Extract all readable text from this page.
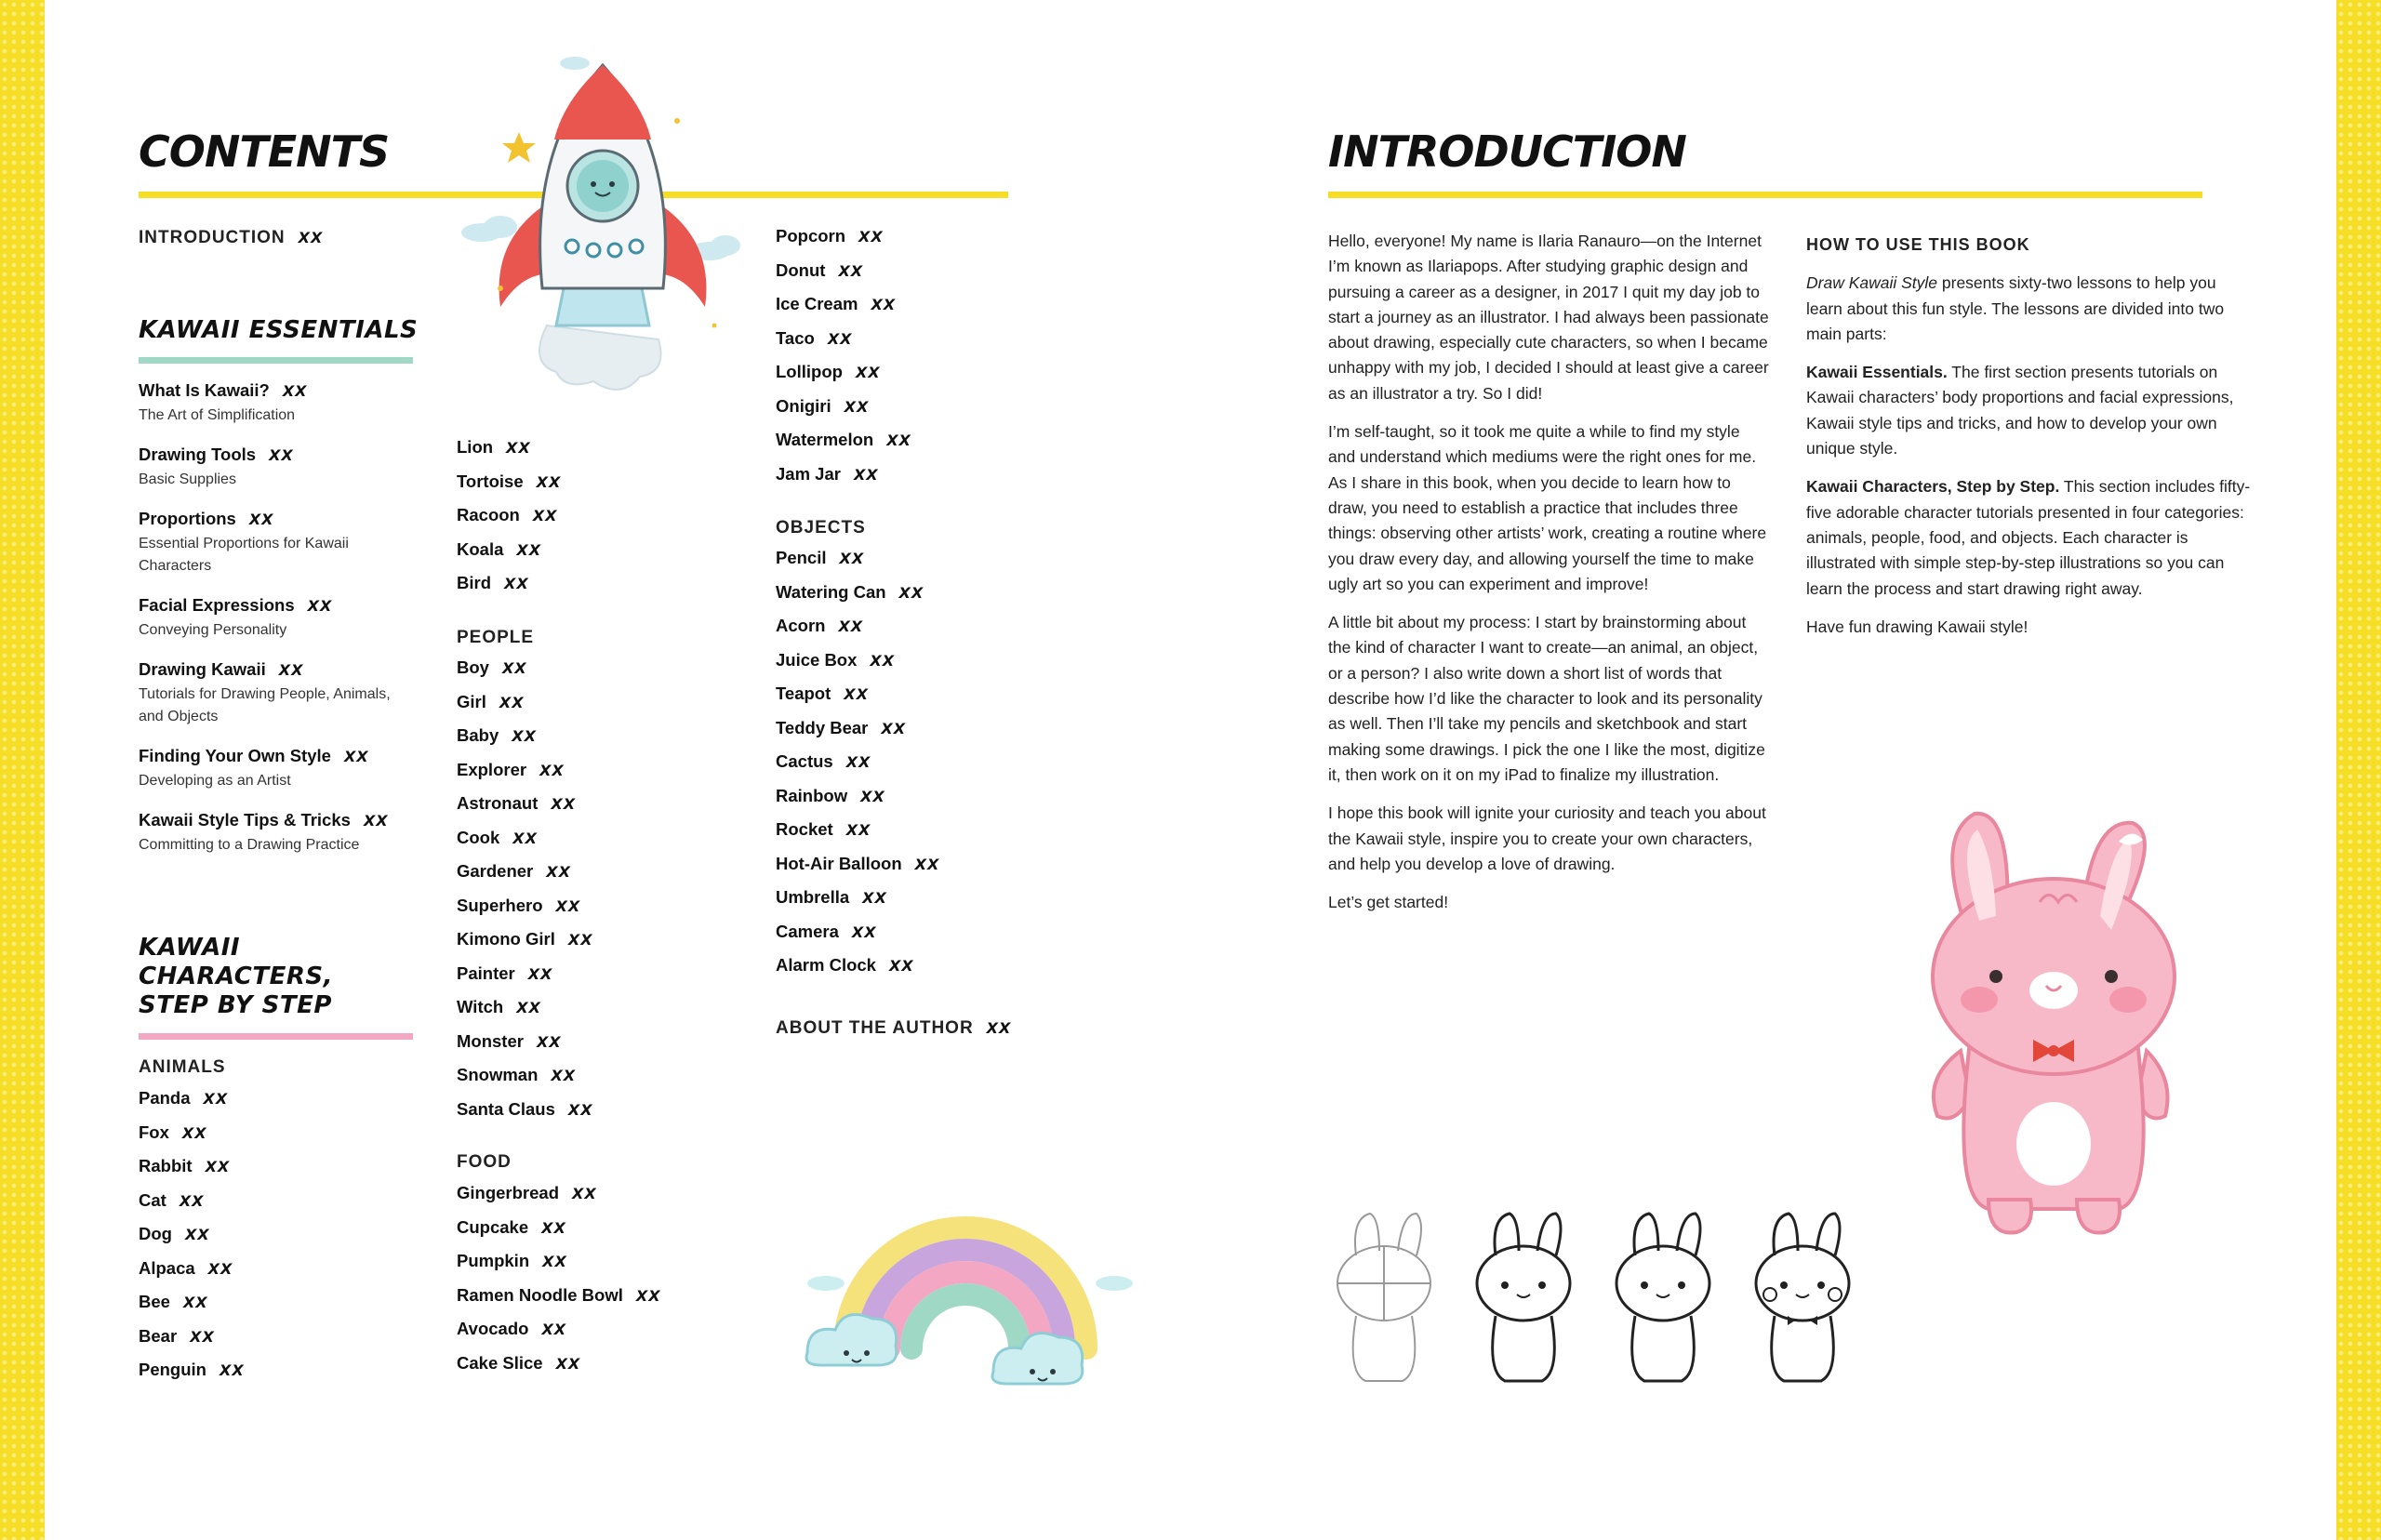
CONTENTS
INTRODUCTION XX
KAWAII ESSENTIALS
What Is Kawaii? XX
The Art of Simplification
Drawing Tools XX
Basic Supplies
Proportions XX
Essential Proportions for Kawaii Characters
Facial Expressions XX
Conveying Personality
Drawing Kawaii XX
Tutorials for Drawing People, Animals, and Objects
Finding Your Own Style XX
Developing as an Artist
Kawaii Style Tips & Tricks XX
Committing to a Drawing Practice
KAWAII
CHARACTERS,
STEP BY STEP
ANIMALS
Panda XX
Fox XX
Rabbit XX
Cat XX
Dog XX
Alpaca XX
Bee XX
Bear XX
Penguin XX
Lion XX
Tortoise XX
Racoon XX
Koala XX
Bird XX
PEOPLE
Boy XX
Girl XX
Baby XX
Explorer XX
Astronaut XX
Cook XX
Gardener XX
Superhero XX
Kimono Girl XX
Painter XX
Witch XX
Monster XX
Snowman XX
Santa Claus XX
FOOD
Gingerbread XX
Cupcake XX
Pumpkin XX
Ramen Noodle Bowl XX
Avocado XX
Cake Slice XX
Popcorn XX
Donut XX
Ice Cream XX
Taco XX
Lollipop XX
Onigiri XX
Watermelon XX
Jam Jar XX
OBJECTS
Pencil XX
Watering Can XX
Acorn XX
Juice Box XX
Teapot XX
Teddy Bear XX
Cactus XX
Rainbow XX
Rocket XX
Hot-Air Balloon XX
Umbrella XX
Camera XX
Alarm Clock XX
ABOUT THE AUTHOR XX
INTRODUCTION

Hello, everyone! My name is Ilaria Ranauro—on the Internet I’m known as Ilariapops. After studying graphic design and pursuing a career as a designer, in 2017 I quit my day job to start a journey as an illustrator. I had always been passionate about drawing, especially cute characters, so when I became unhappy with my job, I decided I should at least give a career as an illustrator a try. So I did!

I’m self-taught, so it took me quite a while to find my style and understand which mediums were the right ones for me. As I share in this book, when you decide to learn how to draw, you need to establish a practice that includes three things: observing other artists’ work, creating a routine where you draw every day, and allowing yourself the time to make ugly art so you can experiment and improve!

A little bit about my process: I start by brainstorming about the kind of character I want to create—an animal, an object, or a person? I also write down a short list of words that describe how I’d like the character to look and its personality as well. Then I’ll take my pencils and sketchbook and start making some drawings. I pick the one I like the most, digitize it, then work on it on my iPad to finalize my illustration.

I hope this book will ignite your curiosity and teach you about the Kawaii style, inspire you to create your own characters, and help you develop a love of drawing.

Let’s get started!

HOW TO USE THIS BOOK

Draw Kawaii Style presents sixty-two lessons to help you learn about this fun style. The lessons are divided into two main parts:

Kawaii Essentials. The first section presents tutorials on Kawaii characters’ body proportions and facial expressions, Kawaii style tips and tricks, and how to develop your own unique style.

Kawaii Characters, Step by Step. This section includes fifty-five adorable character tutorials presented in four categories: animals, people, food, and objects. Each character is illustrated with simple step-by-step illustrations so you can learn the process and start drawing right away.

Have fun drawing Kawaii style!
